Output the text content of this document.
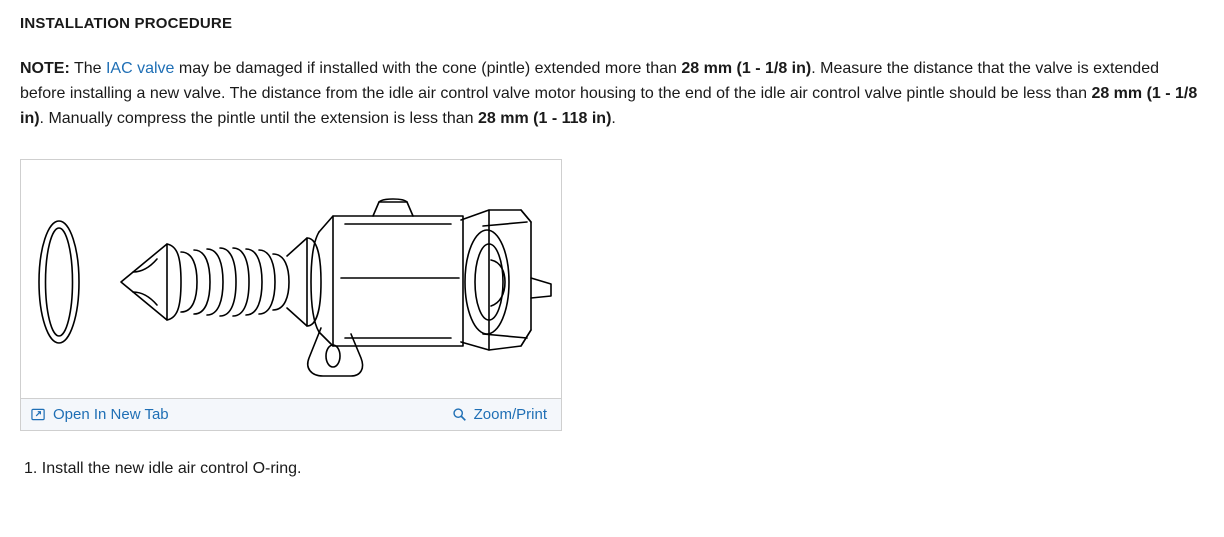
INSTALLATION PROCEDURE

NOTE: The IAC valve may be damaged if installed with the cone (pintle) extended more than 28 mm (1 - 1/8 in). Measure the distance that the valve is extended before installing a new valve. The distance from the idle air control valve motor housing to the end of the idle air control valve pintle should be less than 28 mm (1 - 1/8 in). Manually compress the pintle until the extension is less than 28 mm (1 - 118 in).

Open In New Tab	Zoom/Print

1. Install the new idle air control O-ring.
